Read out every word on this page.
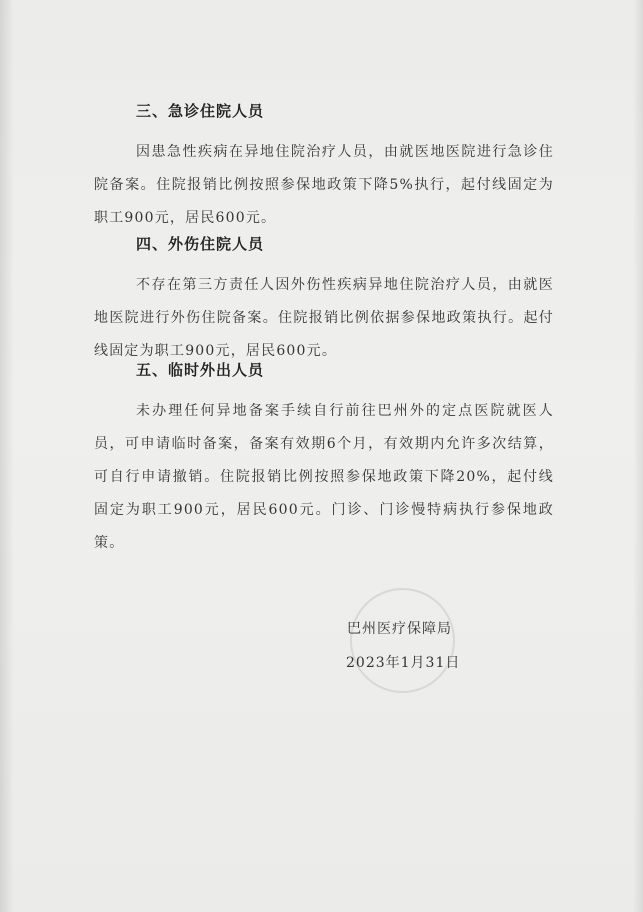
三、急诊住院人员
因患急性疾病在异地住院治疗人员，由就医地医院进行急诊住院备案。住院报销比例按照参保地政策下降5%执行，起付线固定为职工900元，居民600元。
四、外伤住院人员
不存在第三方责任人因外伤性疾病异地住院治疗人员，由就医地医院进行外伤住院备案。住院报销比例依据参保地政策执行。起付线固定为职工900元，居民600元。
五、临时外出人员
未办理任何异地备案手续自行前往巴州外的定点医院就医人员，可申请临时备案，备案有效期6个月，有效期内允许多次结算，可自行申请撤销。住院报销比例按照参保地政策下降20%，起付线固定为职工900元，居民600元。门诊、门诊慢特病执行参保地政策。
巴州医疗保障局
2023年1月31日
